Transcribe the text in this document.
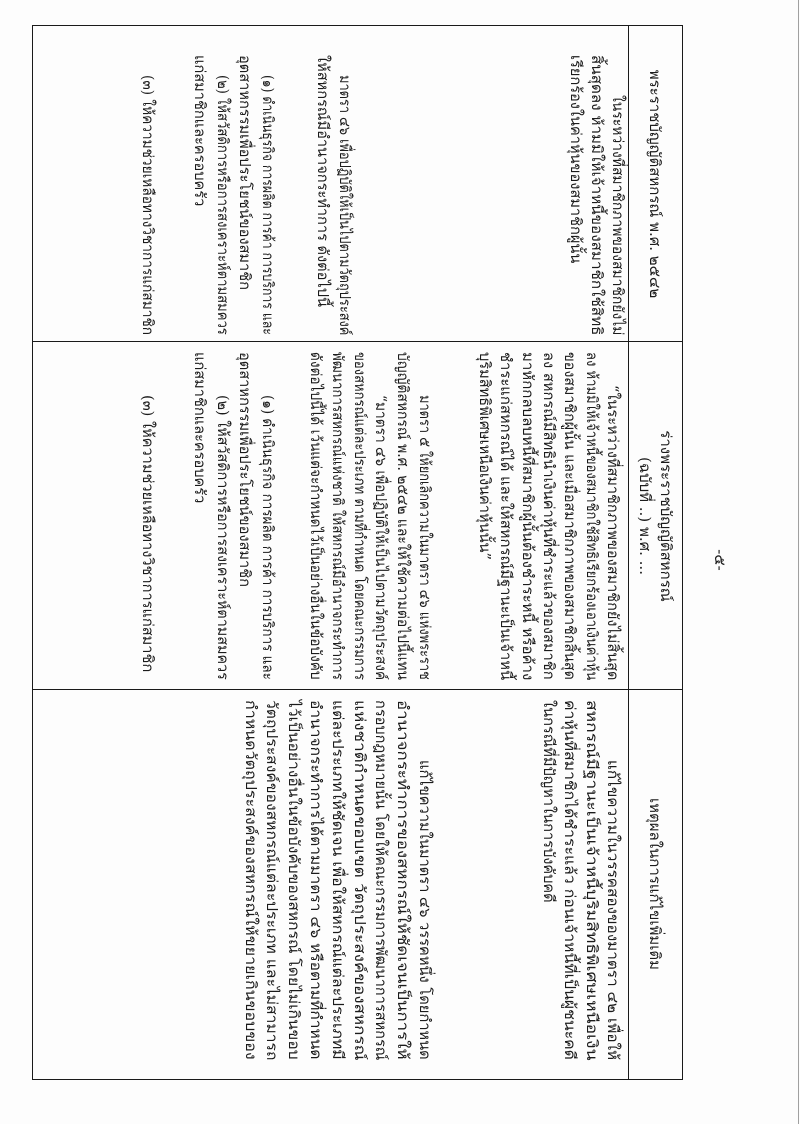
-๕-
พระราชบัญญัติสหกรณ์ พ.ศ. ๒๕๔๒
ร่างพระราชบัญญัติสหกรณ์
(ฉบับที่ ..) พ.ศ. ...
เหตุผลในการแก้ไขเพิ่มเติม
ในระหว่างที่สมาชิกภาพของสมาชิกยังไม่
สิ้นสุดลง ห้ามมิให้เจ้าหนี้ของสมาชิกใช้สิทธิ
เรียกร้องในค่าหุ้นของสมาชิกผู้นั้น
มาตรา ๔๖ เพื่อปฏิบัติให้เป็นไปตามวัตถุประสงค์
ให้สหกรณ์มีอำนาจกระทำการ ดังต่อไปนี้
(๑) ดำเนินธุรกิจ การผลิต การค้า การบริการ และ
อุตสาหกรรมเพื่อประโยชน์ของสมาชิก
(๒) ให้สวัสดิการหรือการสงเคราะห์ตามสมควร
แก่สมาชิกและครอบครัว
(๓) ให้ความช่วยเหลือทางวิชาการแก่สมาชิก
“ในระหว่างที่สมาชิกภาพของสมาชิกยังไม่สิ้นสุด
ลง ห้ามมิให้เจ้าหนี้ของสมาชิกใช้สิทธิเรียกร้องเอาเงินค่าหุ้น
ของสมาชิกผู้นั้น และเมื่อสมาชิกภาพของสมาชิกสิ้นสุด
ลง สหกรณ์มีสิทธินำเงินค่าหุ้นที่ชำระแล้วของสมาชิก
มาหักกลบลบหนี้ที่สมาชิกผู้นั้นต้องชำระหนี้ หรือค้าง
ชำระแก่สหกรณ์ได้ และให้สหกรณ์มีฐานะเป็นเจ้าหนี้
บุริมสิทธิพิเศษเหนือเงินค่าหุ้นนั้น”
มาตรา ๕ ให้ยกเลิกความในมาตรา ๔๖ แห่งพระราช
บัญญัติสหกรณ์ พ.ศ. ๒๕๔๒ และให้ใช้ความต่อไปนี้แทน
“มาตรา ๔๖ เพื่อปฏิบัติให้เป็นไปตามวัตถุประสงค์
ของสหกรณ์แต่ละประเภท ตามที่กำหนด โดยคณะกรรมการ
พัฒนาการสหกรณ์แห่งชาติ ให้สหกรณ์มีอำนาจกระทำการ
ดังต่อไปนี้ได้ เว้นแต่จะกำหนดไว้เป็นอย่างอื่นในข้อบังคับ
(๑) ดำเนินธุรกิจ การผลิต การค้า การบริการ และ
อุตสาหกรรมเพื่อประโยชน์ของสมาชิก
(๒) ให้สวัสดิการหรือการสงเคราะห์ตามสมควร
แก่สมาชิกและครอบครัว
(๓) ให้ความช่วยเหลือทางวิชาการแก่สมาชิก
แก้ไขความในวรรคสองของมาตรา ๔๒ เพื่อให้
สหกรณ์มีฐานะเป็นเจ้าหนี้บุริมสิทธิพิเศษเหนือเงิน
ค่าหุ้นที่สมาชิกได้ชำระแล้ว ก่อนเจ้าหนี้ที่เป็นผู้ชนะคดี
ในกรณีที่มีปัญหาในการบังคับคดี
แก้ไขความในมาตรา ๔๖ วรรคหนึ่ง โดยกำหนด
อำนาจกระทำการของสหกรณ์ให้ชัดเจนเป็นการให้
กรอบกฎหมายนั้น โดยให้คณะกรรมการพัฒนาการสหกรณ์
แห่งชาติกำหนดขอบเขต วัตถุประสงค์ของสหกรณ์
แต่ละประเภทให้ชัดเจน เพื่อให้สหกรณ์แต่ละประเภทมี
อำนาจกระทำการได้ตามมาตรา ๔๖ หรือตามที่กำหนด
ไว้เป็นอย่างอื่นในข้อบังคับของสหกรณ์ โดยไม่เกินขอบ
วัตถุประสงค์ของสหกรณ์แต่ละประเภท และไม่สามารถ
กำหนดวัตถุประสงค์ของสหกรณ์ให้ขยายเกินขอบของ
